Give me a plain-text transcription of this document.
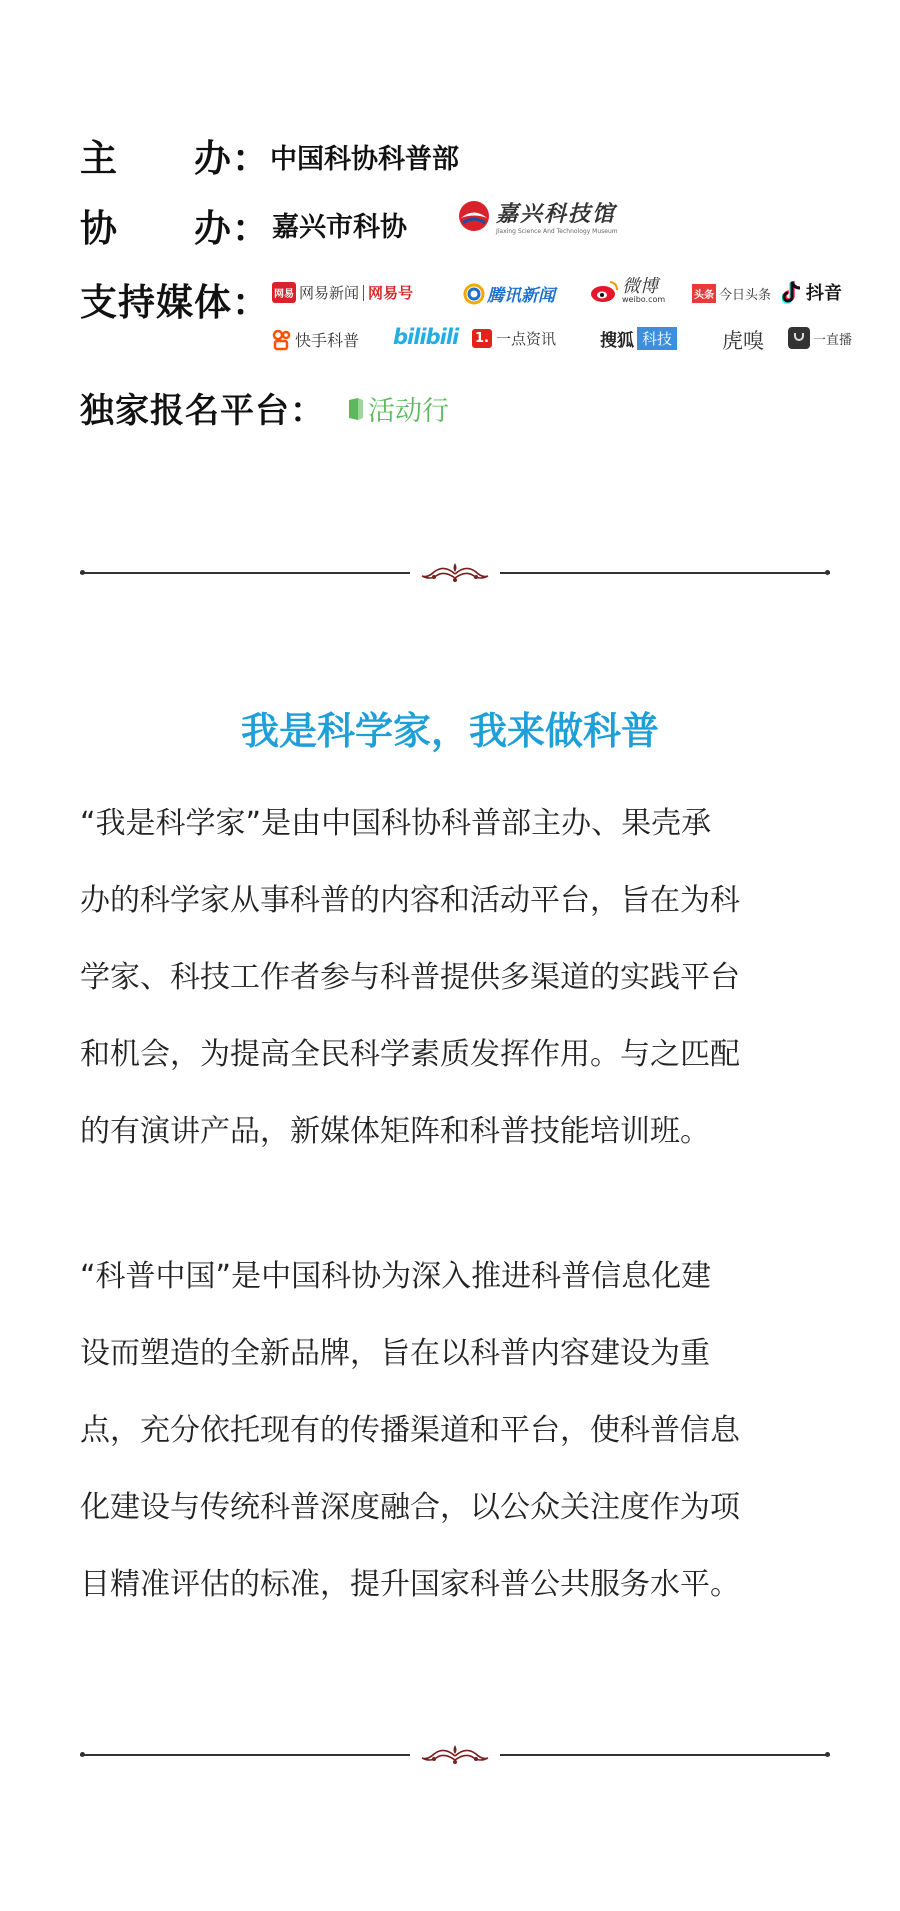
主　　办： 中国科协科普部
协　　办： 嘉兴市科协	嘉兴科技馆
Jiaxing Science And Technology Museum
支持媒体： 网易 网易新闻 网易号	腾讯新闻	微博
weibo.com	头条 今日头条 抖音
快手科普 bilibili 1. 一点资讯	搜狐 科技 虎嗅	一直播
独家报名平台： 活动行
我是科学家，我来做科普

“我是科学家”是由中国科协科普部主办、果壳承

办的科学家从事科普的内容和活动平台，旨在为科

学家、科技工作者参与科普提供多渠道的实践平台

和机会，为提高全民科学素质发挥作用。与之匹配

的有演讲产品，新媒体矩阵和科普技能培训班。

“科普中国”是中国科协为深入推进科普信息化建

设而塑造的全新品牌，旨在以科普内容建设为重

点，充分依托现有的传播渠道和平台，使科普信息

化建设与传统科普深度融合，以公众关注度作为项

目精准评估的标准，提升国家科普公共服务水平。
